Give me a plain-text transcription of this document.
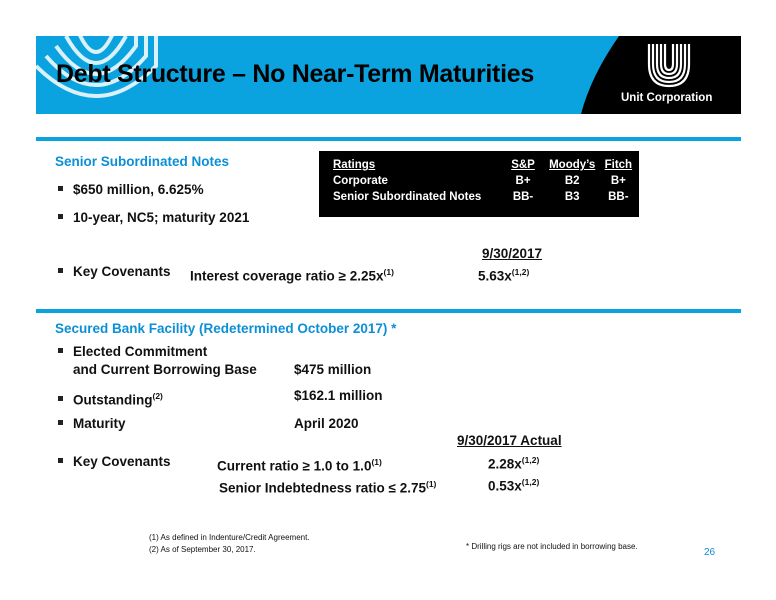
Debt Structure – No Near-Term Maturities
Unit Corporation
Senior Subordinated Notes
$650 million, 6.625%
10-year, NC5; maturity 2021
Ratings	S&P	Moody’s	Fitch
Corporate	B+	B2	B+
Senior Subordinated Notes	BB-	B3	BB-
9/30/2017
Key Covenants Interest coverage ratio ≥ $2.25x^{(1)}$	$5.63x^{(1,2)}$
Secured Bank Facility (Redetermined October 2017) *
Elected Commitment
and Current Borrowing Base	$475 million
Outstanding$^{(2)}$	$162.1 million
Maturity	April 2020
9/30/2017 Actual
Key Covenants	Current ratio ≥ 1.0 to 1.0$^{(1)}$	$2.28x^{(1,2)}$
Senior Indebtedness ratio ≤ $2.75^{(1)}$	$0.53x^{(1,2)}$
(1) As defined in Indenture/Credit Agreement.
(2) As of September 30, 2017.	* Drilling rigs are not included in borrowing base.
26
